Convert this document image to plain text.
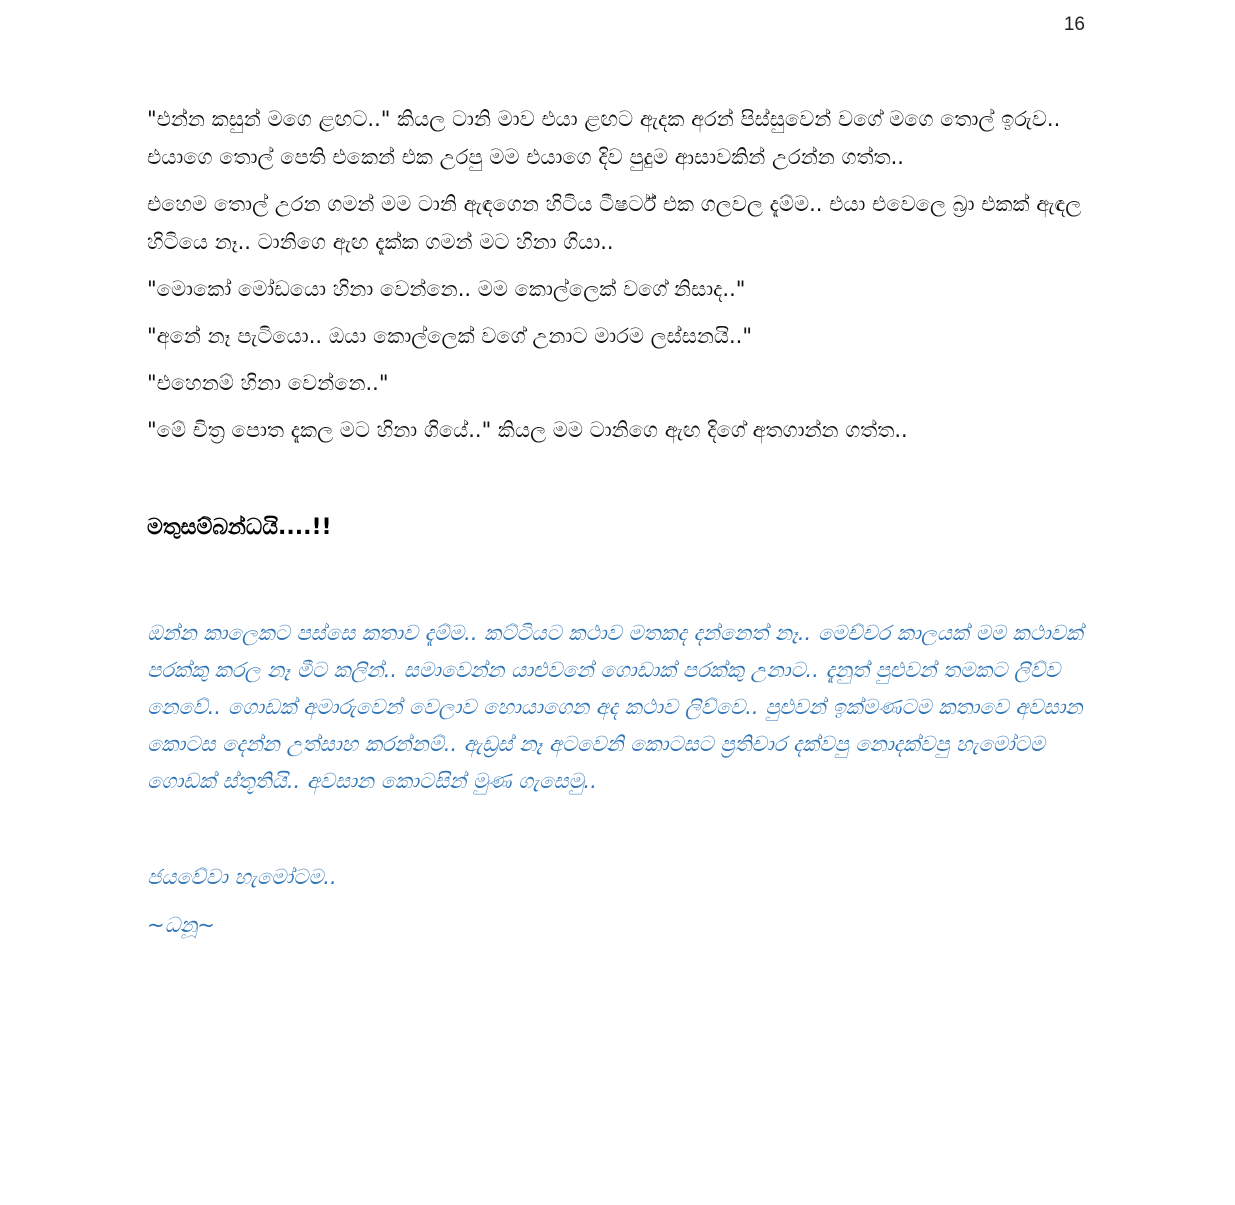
16

"එන්න කසුන් මගෙ ළඟට.." කියල ටානි මාව එයා ළඟට ඇදක අරන් පිස්සුවෙන් වගේ මගෙ තොල් ඉරුව.. එයාගෙ තොල් පෙති එකෙන් එක උරපු මම එයාගෙ දිව පුදුම ආසාවකින් උරන්න ගත්ත..

එහෙම තොල් උරන ගමන් මම ටානි ඇඳගෙන හිටිය ටීෂර්ට් එක ගලවල දැම්ම.. එයා එවෙලෙ බ්‍රා එකක් ඇඳල හිටියෙ නෑ.. ටානිගෙ ඇඟ දැක්ක ගමන් මට හිනා ගියා..

"මොකෝ මෝඩයො හිනා වෙන්නෙ.. මම කොල්ලෙක් වගේ නිසාද.."

"අනේ නෑ පැටියො.. ඔයා කොල්ලෙක් වගේ උනාට මාරම ලස්සනයි.."

"එහෙනම් හිනා වෙන්නෙ.."

"මේ චිත්‍ර පොත දැකල මට හිනා ගියේ.." කියල මම ටානිගෙ ඇඟ දිගේ අතගාන්න ගත්ත..

මතුසම්බන්ධයි....!!

ඔන්න කාලෙකට පස්සෙ කතාව දැම්ම.. කට්ටියට කථාව මතකද දන්නෙත් නෑ.. මෙච්චර කාලයක් මම කථාවක් පරක්කු කරල නෑ මීට කලින්.. සමාවෙන්න යාළුවනේ ගොඩාක් පරක්කු උනාට.. දැනුත් පුළුවන් තමකට ලිව්ව නෙවේ.. ගොඩක් අමාරුවෙන් වෙලාව හොයාගෙන අද කථාව ලිව්වෙ.. පුළුවන් ඉක්මණටම කතාවෙ අවසාන කොටස දෙන්න උත්සාහ කරන්නම්.. ඇඩ්‍රස් නෑ අටවෙනි කොටසට ප්‍රතිචාර දක්වපු නොදක්වපු හැමෝටම ගොඩක් ස්තූතියි.. අවසාන කොටසින් මුණ ගැසෙමු..

ජයවේවා හැමෝටම..

~ධනූ~
